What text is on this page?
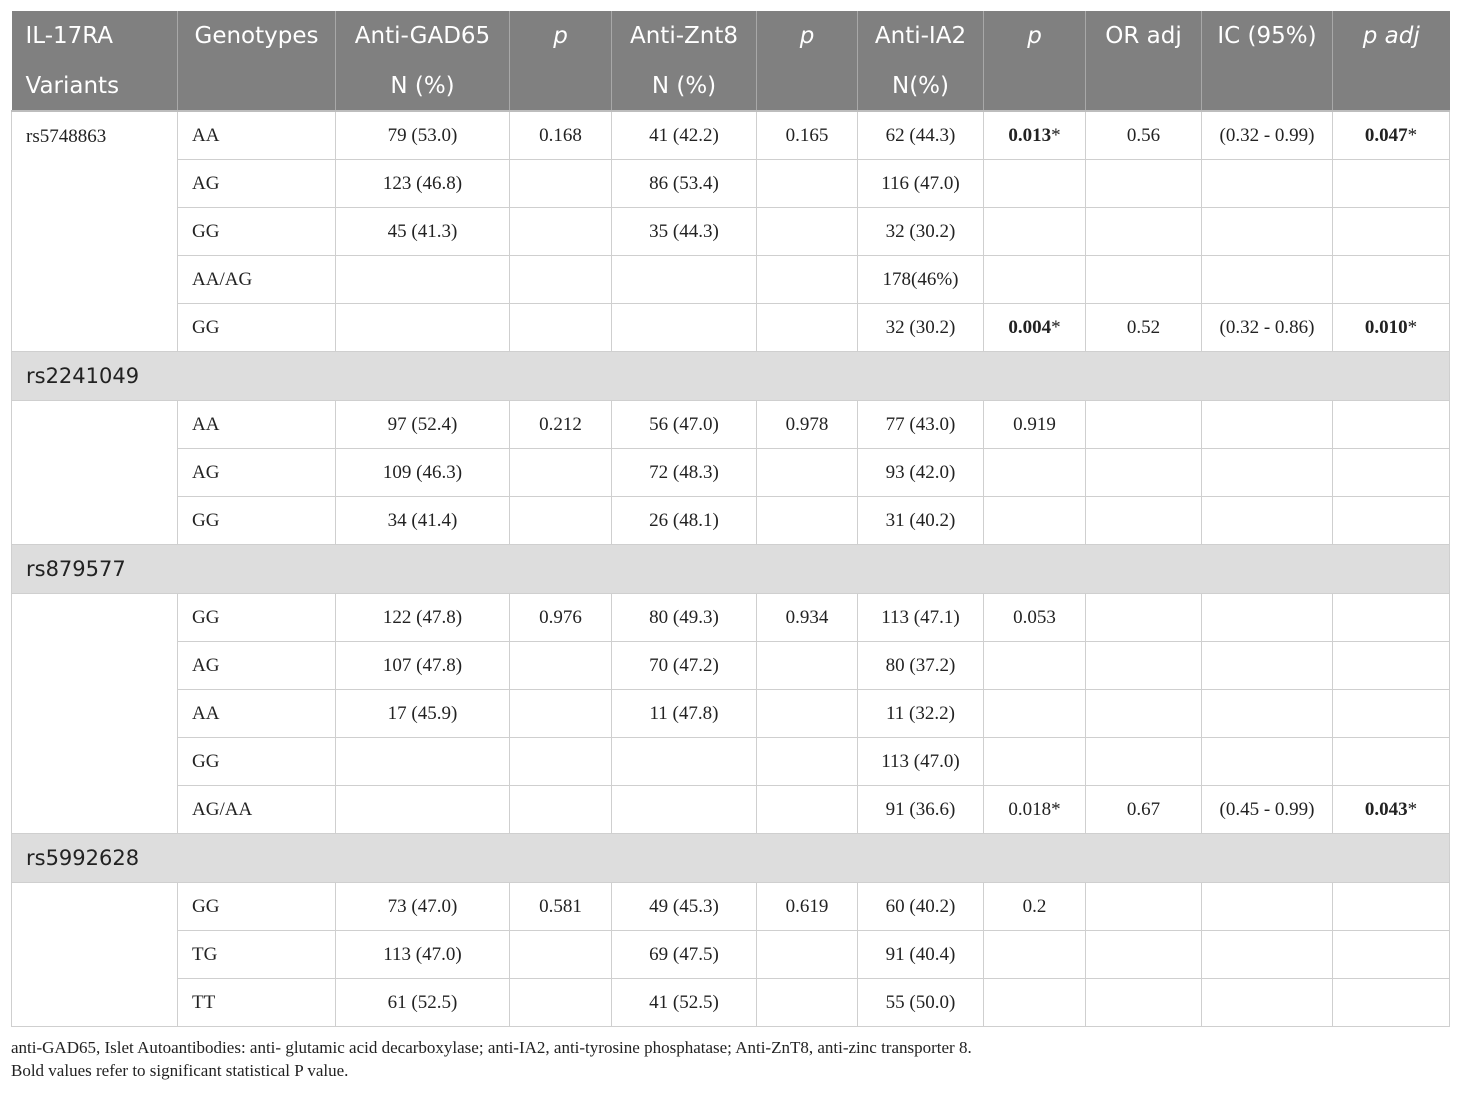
IL-17RA	Genotypes	Anti-GAD65	p	Anti-Znt8	p	Anti-IA2	p	OR adj	IC (95%)	p adj
Variants		N (%)		N (%)		N(%)				
rs5748863	AA	79 (53.0)	0.168	41 (42.2)	0.165	62 (44.3)	0.013*	0.56	(0.32 - 0.99)	0.047*
	AG	123 (46.8)		86 (53.4)		116 (47.0)				
	GG	45 (41.3)		35 (44.3)		32 (30.2)				
	AA/AG					178(46%)				
	GG					32 (30.2)	0.004*	0.52	(0.32 - 0.86)	0.010*
rs2241049										
	AA	97 (52.4)	0.212	56 (47.0)	0.978	77 (43.0)	0.919			
	AG	109 (46.3)		72 (48.3)		93 (42.0)				
	GG	34 (41.4)		26 (48.1)		31 (40.2)				
rs879577										
	GG	122 (47.8)	0.976	80 (49.3)	0.934	113 (47.1)	0.053			
	AG	107 (47.8)		70 (47.2)		80 (37.2)				
	AA	17 (45.9)		11 (47.8)		11 (32.2)				
	GG					113 (47.0)				
	AG/AA					91 (36.6)	0.018*	0.67	(0.45 - 0.99)	0.043*
rs5992628										
	GG	73 (47.0)	0.581	49 (45.3)	0.619	60 (40.2)	0.2			
	TG	113 (47.0)		69 (47.5)		91 (40.4)				
	TT	61 (52.5)		41 (52.5)		55 (50.0)				
anti-GAD65, Islet Autoantibodies: anti- glutamic acid decarboxylase; anti-IA2, anti-tyrosine phosphatase; Anti-ZnT8, anti-zinc transporter 8.
Bold values refer to significant statistical P value.
